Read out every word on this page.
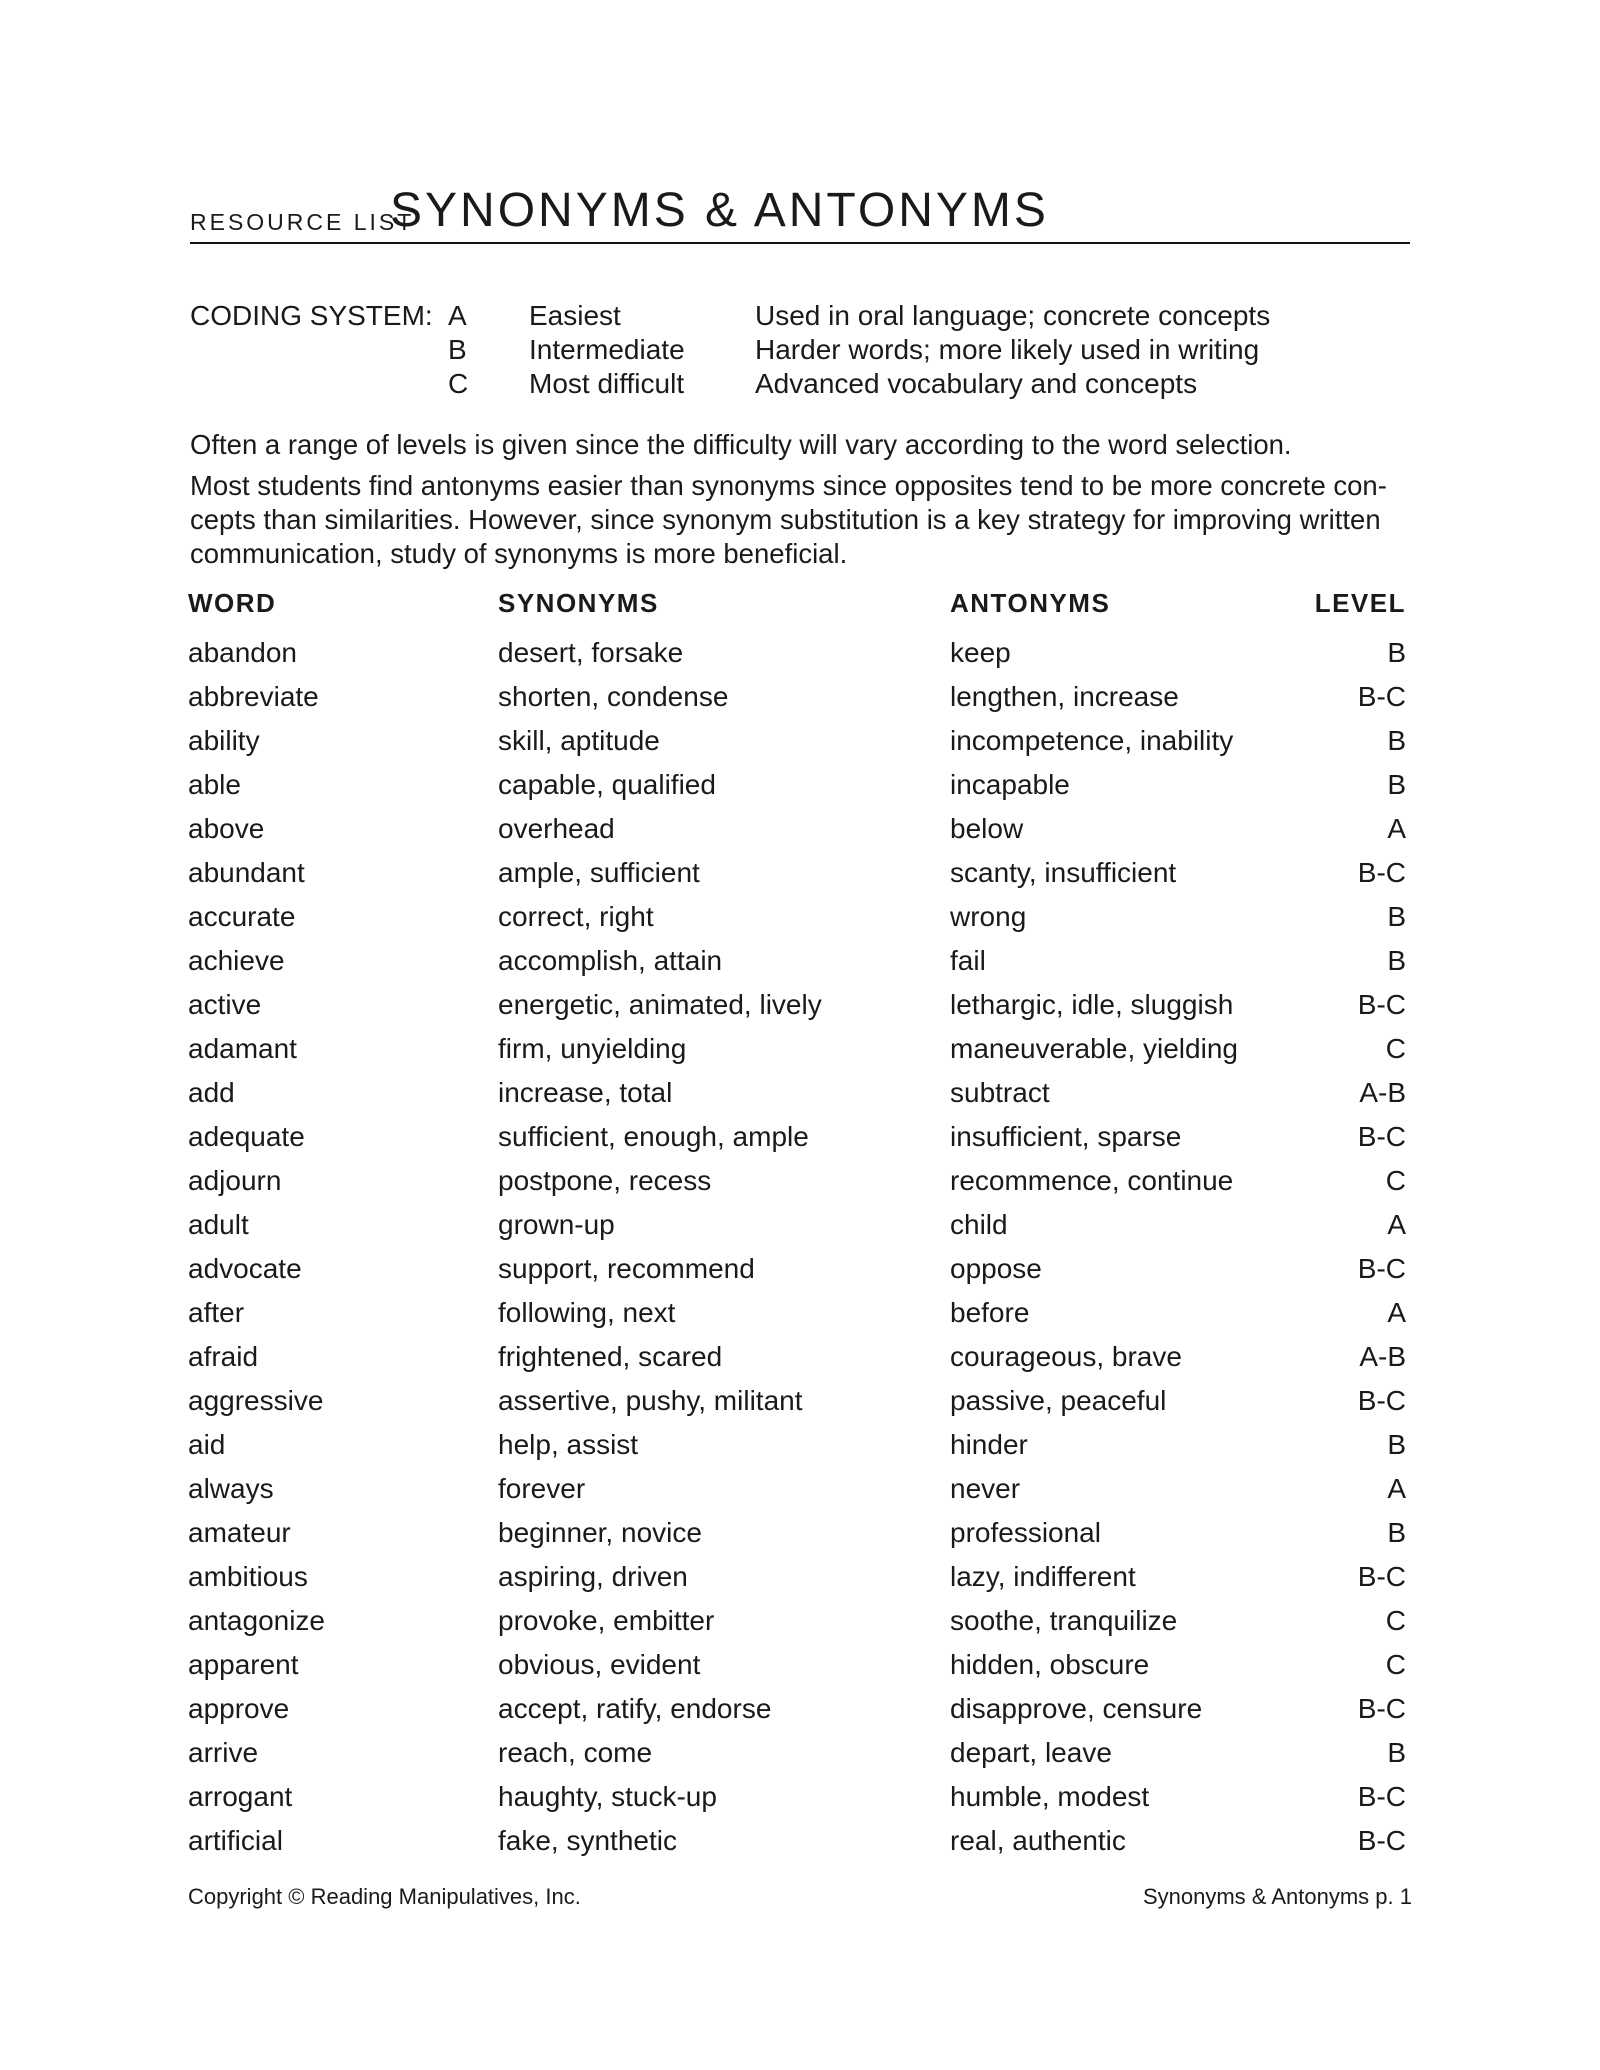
RESOURCE LIST
SYNONYMS & ANTONYMS
CODING SYSTEM: A Easiest	Used in oral language; concrete concepts
B Intermediate	Harder words; more likely used in writing
C Most difficult	Advanced vocabulary and concepts

Often a range of levels is given since the difficulty will vary according to the word selection.

Most students find antonyms easier than synonyms since opposites tend to be more concrete con-cepts than similarities. However, since synonym substitution is a key strategy for improving written communication, study of synonyms is more beneficial.

WORD	SYNONYMS	ANTONYMS	LEVEL
abandon	desert, forsake	keep	B
abbreviate	shorten, condense	lengthen, increase	B-C
ability	skill, aptitude	incompetence, inability	B
able	capable, qualified	incapable	B
above	overhead	below	A
abundant	ample, sufficient	scanty, insufficient	B-C
accurate	correct, right	wrong	B
achieve	accomplish, attain	fail	B
active	energetic, animated, lively	lethargic, idle, sluggish	B-C
adamant	firm, unyielding	maneuverable, yielding	C
add	increase, total	subtract	A-B
adequate	sufficient, enough, ample	insufficient, sparse	B-C
adjourn	postpone, recess	recommence, continue	C
adult	grown-up	child	A
advocate	support, recommend	oppose	B-C
after	following, next	before	A
afraid	frightened, scared	courageous, brave	A-B
aggressive	assertive, pushy, militant	passive, peaceful	B-C
aid	help, assist	hinder	B
always	forever	never	A
amateur	beginner, novice	professional	B
ambitious	aspiring, driven	lazy, indifferent	B-C
antagonize	provoke, embitter	soothe, tranquilize	C
apparent	obvious, evident	hidden, obscure	C
approve	accept, ratify, endorse	disapprove, censure	B-C
arrive	reach, come	depart, leave	B
arrogant	haughty, stuck-up	humble, modest	B-C
artificial	fake, synthetic	real, authentic	B-C
Copyright © Reading Manipulatives, Inc.	Synonyms & Antonyms p. 1
